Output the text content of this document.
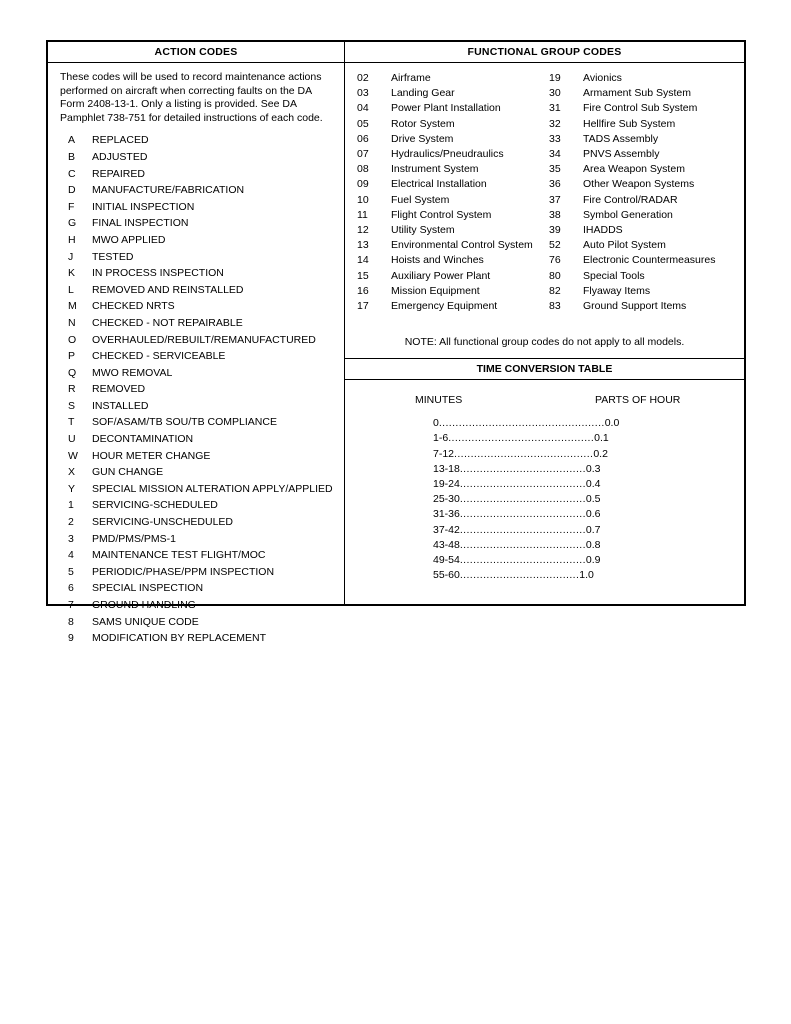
ACTION CODES
These codes will be used to record maintenance actions performed on aircraft when correcting faults on the DA Form 2408-13-1. Only a listing is provided. See DA Pamphlet 738-751 for detailed instructions of each code.
A	REPLACED
B	ADJUSTED
C	REPAIRED
D	MANUFACTURE/FABRICATION
F	INITIAL INSPECTION
G	FINAL INSPECTION
H	MWO APPLIED
J	TESTED
K	IN PROCESS INSPECTION
L	REMOVED AND REINSTALLED
M	CHECKED NRTS
N	CHECKED - NOT REPAIRABLE
O	OVERHAULED/REBUILT/REMANUFACTURED
P	CHECKED - SERVICEABLE
Q	MWO REMOVAL
R	REMOVED
S	INSTALLED
T	SOF/ASAM/TB SOU/TB COMPLIANCE
U	DECONTAMINATION
W	HOUR METER CHANGE
X	GUN CHANGE
Y	SPECIAL MISSION ALTERATION APPLY/APPLIED
1	SERVICING-SCHEDULED
2	SERVICING-UNSCHEDULED
3	PMD/PMS/PMS-1
4	MAINTENANCE TEST FLIGHT/MOC
5	PERIODIC/PHASE/PPM INSPECTION
6	SPECIAL INSPECTION
7	GROUND HANDLING
8	SAMS UNIQUE CODE
9	MODIFICATION BY REPLACEMENT
FUNCTIONAL GROUP CODES
02	Airframe
03	Landing Gear
04	Power Plant Installation
05	Rotor System
06	Drive System
07	Hydraulics/Pneudraulics
08	Instrument System
09	Electrical Installation
10	Fuel System
11	Flight Control System
12	Utility System
13	Environmental Control System
14	Hoists and Winches
15	Auxiliary Power Plant
16	Mission Equipment
17	Emergency Equipment
19	Avionics
30	Armament Sub System
31	Fire Control Sub System
32	Hellfire Sub System
33	TADS Assembly
34	PNVS Assembly
35	Area Weapon System
36	Other Weapon Systems
37	Fire Control/RADAR
38	Symbol Generation
39	IHADDS
52	Auto Pilot System
76	Electronic Countermeasures
80	Special Tools
82	Flyaway Items
83	Ground Support Items
NOTE: All functional group codes do not apply to all models.
TIME CONVERSION TABLE
MINUTES	PARTS OF HOUR
0 .................................................. 0.0
1-6 ............................................ 0.1
7-12 .......................................... 0.2
13-18 ...................................... 0.3
19-24 ...................................... 0.4
25-30 ...................................... 0.5
31-36 ...................................... 0.6
37-42 ...................................... 0.7
43-48 ...................................... 0.8
49-54 ...................................... 0.9
55-60 .................................... 1.0
